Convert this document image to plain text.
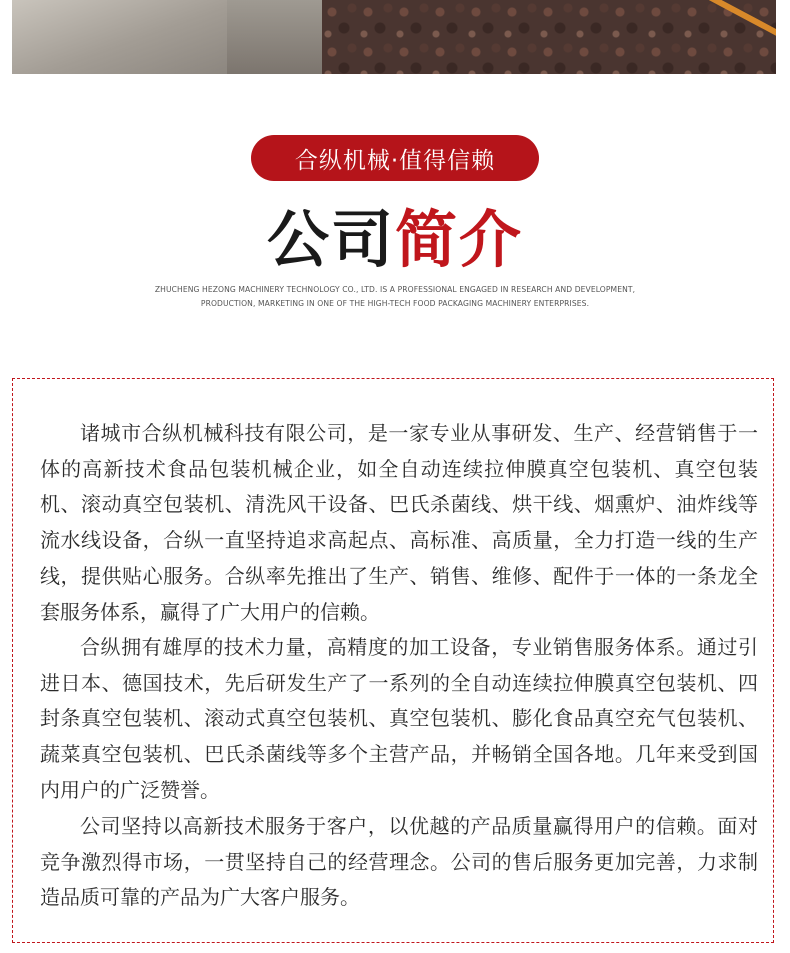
合纵机械·值得信赖
公司 简介
ZHUCHENG HEZONG MACHINERY TECHNOLOGY CO., LTD. IS A PROFESSIONAL ENGAGED IN RESEARCH AND DEVELOPMENT,
PRODUCTION, MARKETING IN ONE OF THE HIGH-TECH FOOD PACKAGING MACHINERY ENTERPRISES.

诸城市合纵机械科技有限公司，是一家专业从事研发、生产、经营销售于一体的高新技术食品包装机械企业，如全自动连续拉伸膜真空包装机、真空包装机、滚动真空包装机、清洗风干设备、巴氏杀菌线、烘干线、烟熏炉、油炸线等流水线设备，合纵一直坚持追求高起点、高标准、高质量，全力打造一线的生产线，提供贴心服务。合纵率先推出了生产、销售、维修、配件于一体的一条龙全套服务体系，赢得了广大用户的信赖。

合纵拥有雄厚的技术力量，高精度的加工设备，专业销售服务体系。通过引进日本、德国技术，先后研发生产了一系列的全自动连续拉伸膜真空包装机、四封条真空包装机、滚动式真空包装机、真空包装机、膨化食品真空充气包装机、蔬菜真空包装机、巴氏杀菌线等多个主营产品，并畅销全国各地。几年来受到国内用户的广泛赞誉。

公司坚持以高新技术服务于客户，以优越的产品质量赢得用户的信赖。面对竞争激烈得市场，一贯坚持自己的经营理念。公司的售后服务更加完善，力求制造品质可靠的产品为广大客户服务。
